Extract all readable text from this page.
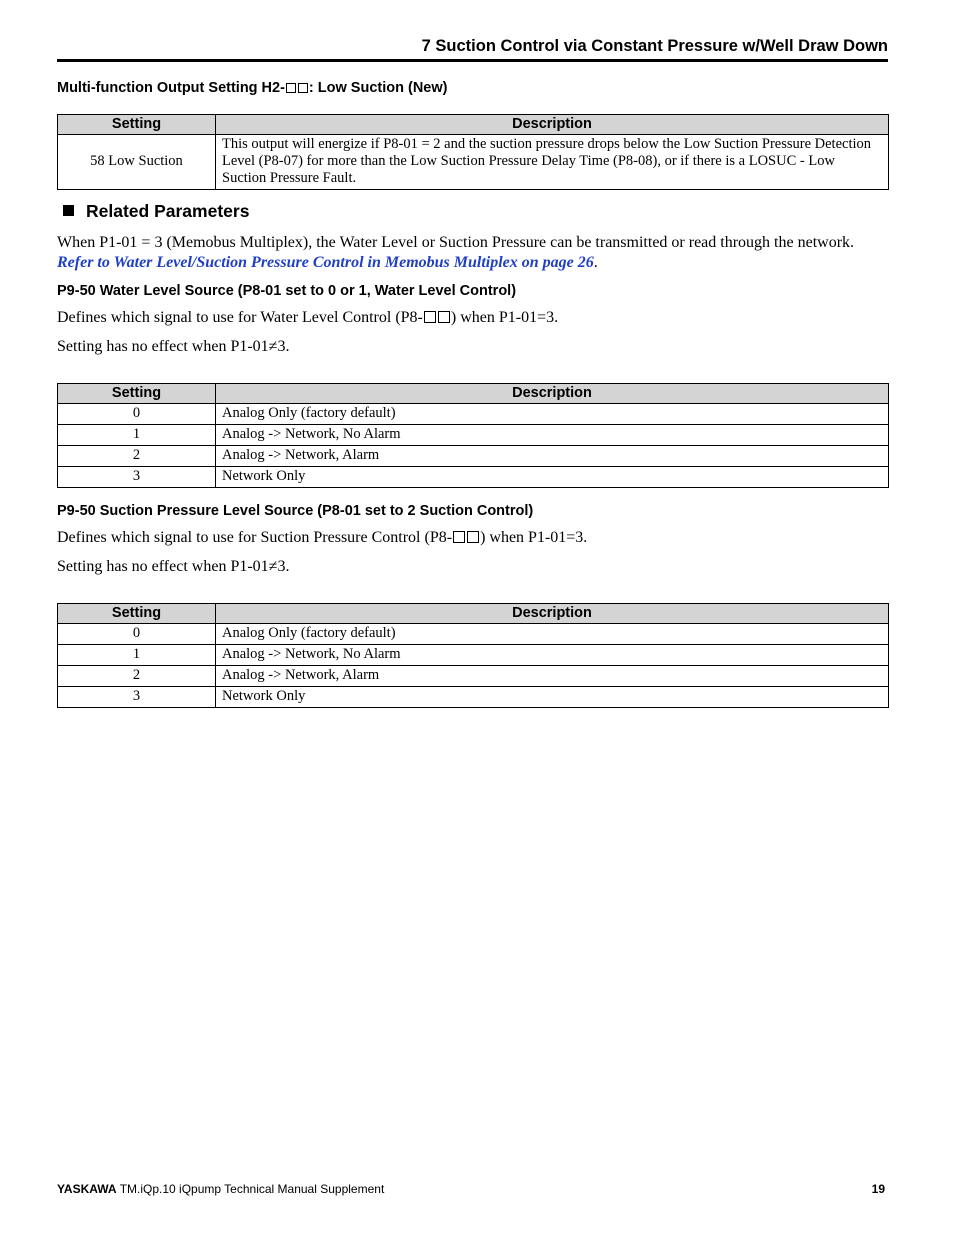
7 Suction Control via Constant Pressure w/Well Draw Down
Multi-function Output Setting H2- : Low Suction (New)
Setting	Description
58 Low Suction	This output will energize if P8-01 = 2 and the suction pressure drops below the Low Suction Pressure Detection Level (P8-07) for more than the Low Suction Pressure Delay Time (P8-08), or if there is a LOSUC - Low Suction Pressure Fault.
Related Parameters
When P1-01 = 3 (Memobus Multiplex), the Water Level or Suction Pressure can be transmitted or read through the network. Refer to Water Level/Suction Pressure Control in Memobus Multiplex on page 26.
P9-50 Water Level Source (P8-01 set to 0 or 1, Water Level Control)
Defines which signal to use for Water Level Control (P8- ) when P1-01=3.
Setting has no effect when P1-01≠3.
Setting	Description
0	Analog Only (factory default)
1	Analog -> Network, No Alarm
2	Analog -> Network, Alarm
3	Network Only
P9-50 Suction Pressure Level Source (P8-01 set to 2 Suction Control)
Defines which signal to use for Suction Pressure Control (P8- ) when P1-01=3.
Setting has no effect when P1-01≠3.
Setting	Description
0	Analog Only (factory default)
1	Analog -> Network, No Alarm
2	Analog -> Network, Alarm
3	Network Only
YASKAWA TM.iQp.10 iQpump Technical Manual Supplement	19
